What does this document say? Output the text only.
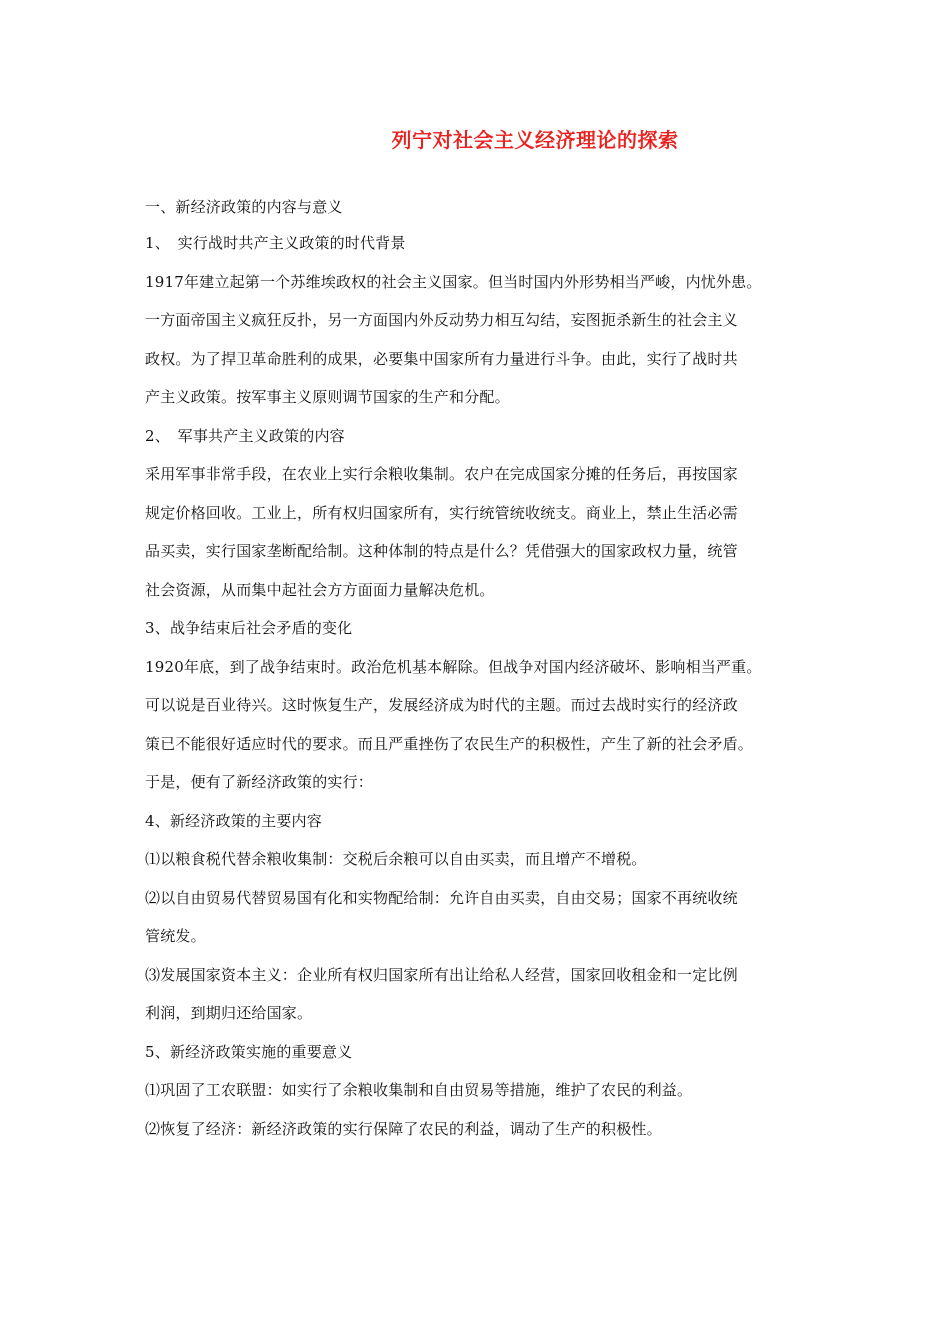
列宁对社会主义经济理论的探索
一、新经济政策的内容与意义
1、　实行战时共产主义政策的时代背景
1917年建立起第一个苏维埃政权的社会主义国家。但当时国内外形势相当严峻，内忧外患。
一方面帝国主义疯狂反扑，另一方面国内外反动势力相互勾结，妄图扼杀新生的社会主义
政权。为了捍卫革命胜利的成果，必要集中国家所有力量进行斗争。由此，实行了战时共
产主义政策。按军事主义原则调节国家的生产和分配。
2、　军事共产主义政策的内容
采用军事非常手段，在农业上实行余粮收集制。农户在完成国家分摊的任务后，再按国家
规定价格回收。工业上，所有权归国家所有，实行统管统收统支。商业上，禁止生活必需
品买卖，实行国家垄断配给制。这种体制的特点是什么？凭借强大的国家政权力量，统管
社会资源，从而集中起社会方方面面力量解决危机。
3、战争结束后社会矛盾的变化
1920年底，到了战争结束时。政治危机基本解除。但战争对国内经济破坏、影响相当严重。
可以说是百业待兴。这时恢复生产，发展经济成为时代的主题。而过去战时实行的经济政
策已不能很好适应时代的要求。而且严重挫伤了农民生产的积极性，产生了新的社会矛盾。
于是，便有了新经济政策的实行：
4、新经济政策的主要内容
⑴以粮食税代替余粮收集制：交税后余粮可以自由买卖，而且增产不增税。
⑵以自由贸易代替贸易国有化和实物配给制：允许自由买卖，自由交易；国家不再统收统
管统发。
⑶发展国家资本主义：企业所有权归国家所有出让给私人经营，国家回收租金和一定比例
利润，到期归还给国家。
5、新经济政策实施的重要意义
⑴巩固了工农联盟：如实行了余粮收集制和自由贸易等措施，维护了农民的利益。
⑵恢复了经济：新经济政策的实行保障了农民的利益，调动了生产的积极性。
